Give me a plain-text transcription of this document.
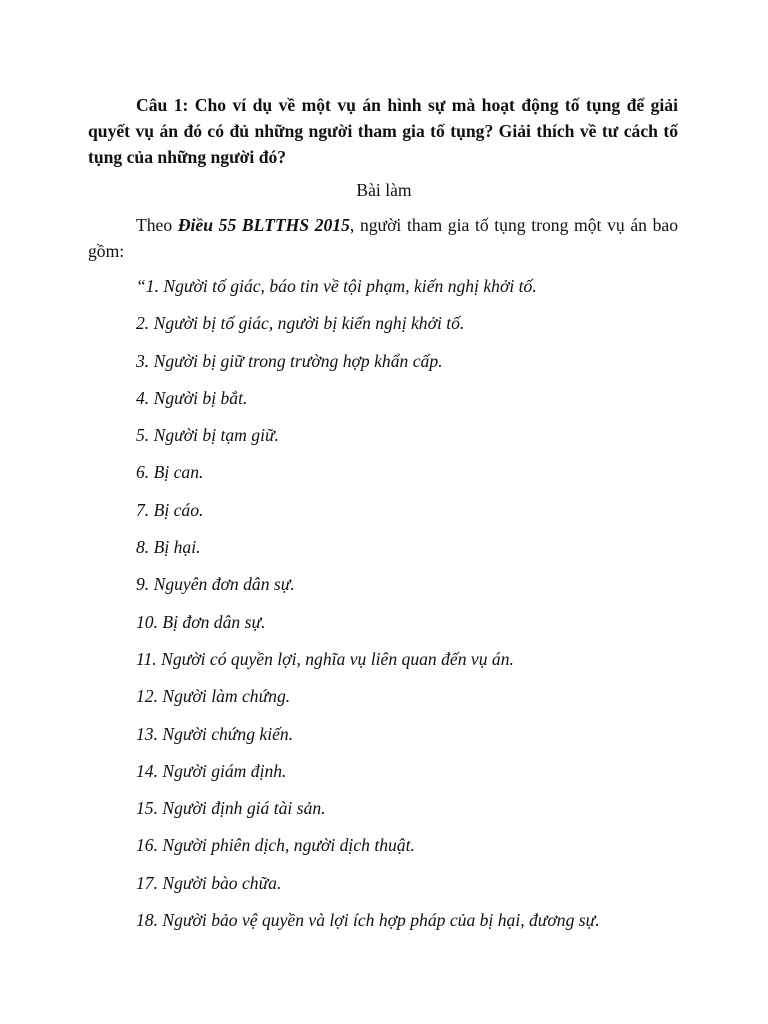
Câu 1: Cho ví dụ về một vụ án hình sự mà hoạt động tố tụng để giải quyết vụ án đó có đủ những người tham gia tố tụng? Giải thích về tư cách tố tụng của những người đó?

Bài làm

Theo Điều 55 BLTTHS 2015, người tham gia tố tụng trong một vụ án bao gồm:

“1. Người tố giác, báo tin về tội phạm, kiến nghị khởi tố.
2. Người bị tố giác, người bị kiến nghị khởi tố.
3. Người bị giữ trong trường hợp khẩn cấp.
4. Người bị bắt.
5. Người bị tạm giữ.
6. Bị can.
7. Bị cáo.
8. Bị hại.
9. Nguyên đơn dân sự.
10. Bị đơn dân sự.
11. Người có quyền lợi, nghĩa vụ liên quan đến vụ án.
12. Người làm chứng.
13. Người chứng kiến.
14. Người giám định.
15. Người định giá tài sản.
16. Người phiên dịch, người dịch thuật.
17. Người bào chữa.
18. Người bảo vệ quyền và lợi ích hợp pháp của bị hại, đương sự.
